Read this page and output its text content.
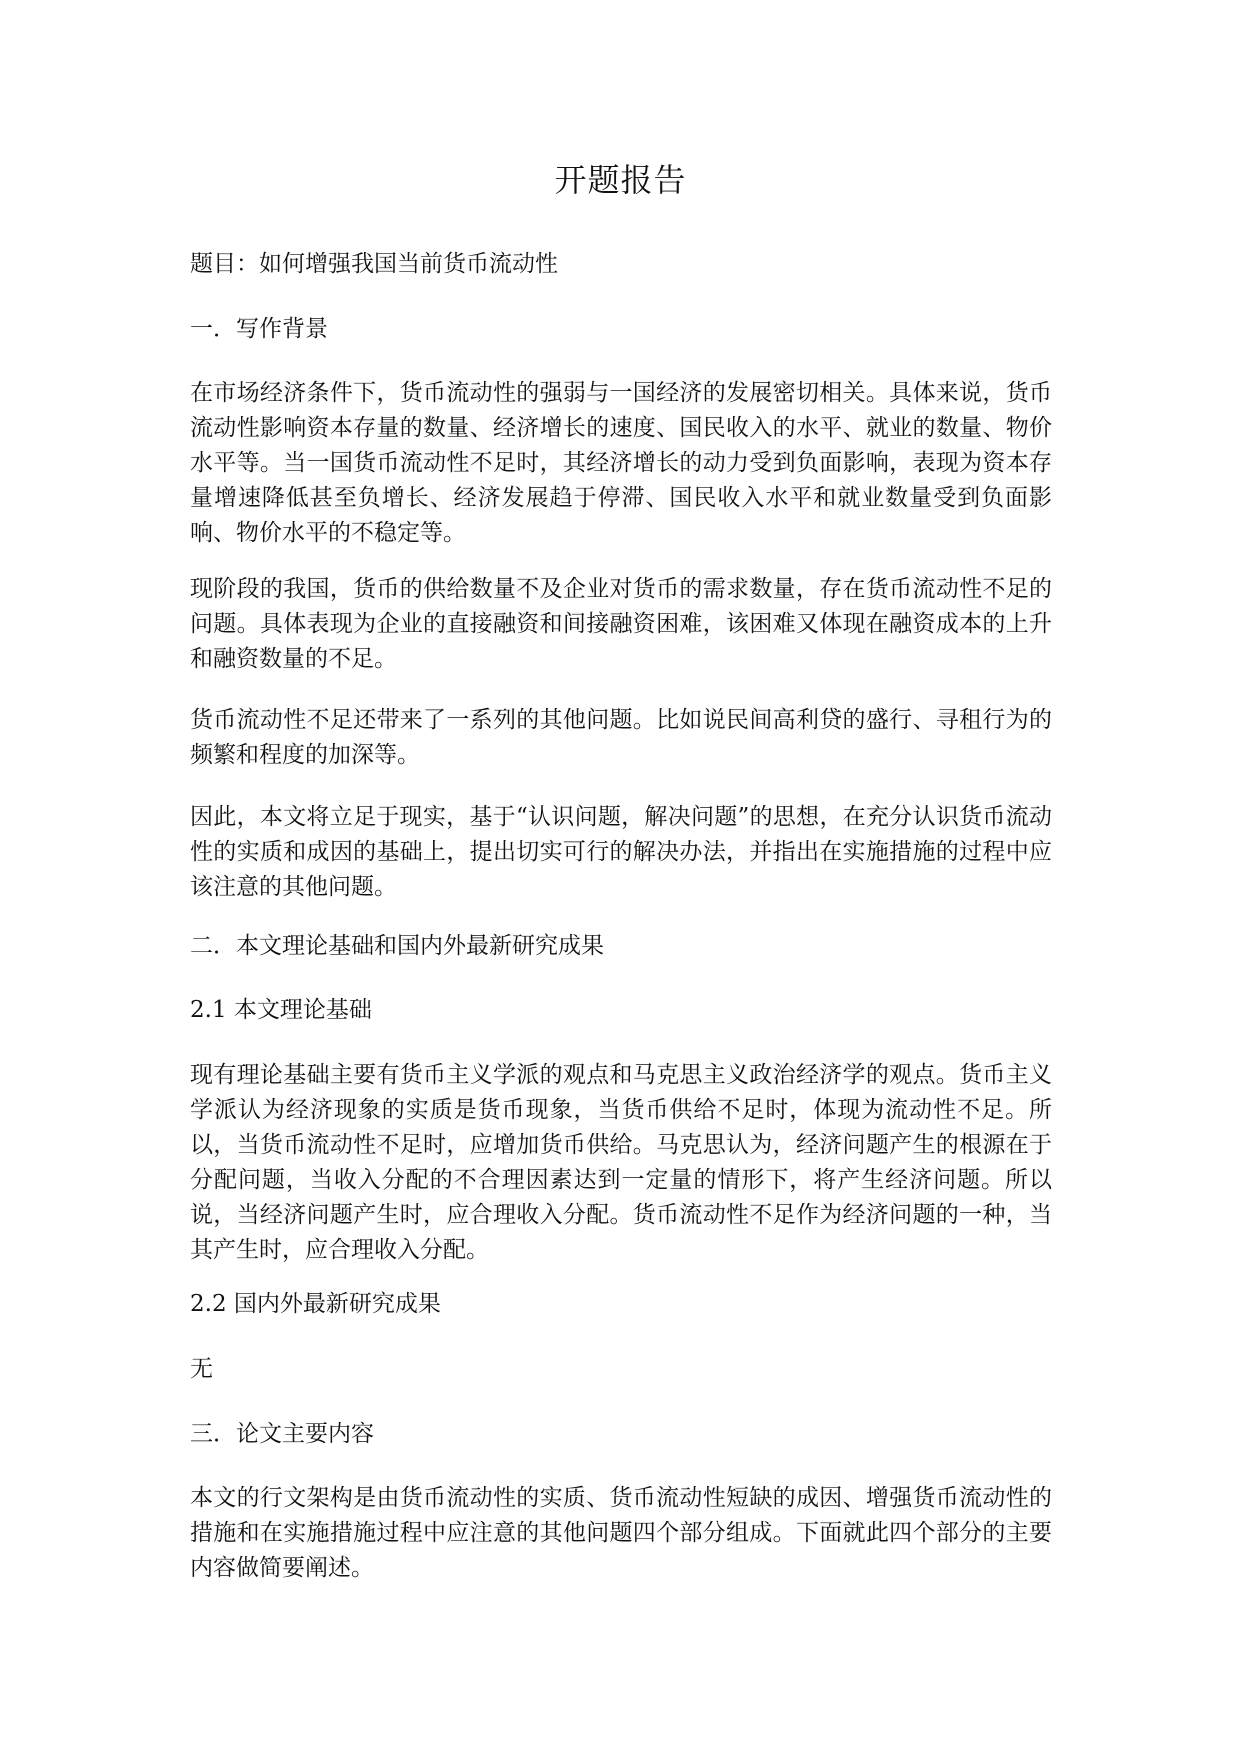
开题报告

题目：如何增强我国当前货币流动性

一．写作背景

在市场经济条件下，货币流动性的强弱与一国经济的发展密切相关。具体来说，货币流动性影响资本存量的数量、经济增长的速度、国民收入的水平、就业的数量、物价水平等。当一国货币流动性不足时，其经济增长的动力受到负面影响，表现为资本存量增速降低甚至负增长、经济发展趋于停滞、国民收入水平和就业数量受到负面影响、物价水平的不稳定等。

现阶段的我国，货币的供给数量不及企业对货币的需求数量，存在货币流动性不足的问题。具体表现为企业的直接融资和间接融资困难，该困难又体现在融资成本的上升和融资数量的不足。

货币流动性不足还带来了一系列的其他问题。比如说民间高利贷的盛行、寻租行为的频繁和程度的加深等。

因此，本文将立足于现实，基于“认识问题，解决问题”的思想，在充分认识货币流动性的实质和成因的基础上，提出切实可行的解决办法，并指出在实施措施的过程中应该注意的其他问题。

二．本文理论基础和国内外最新研究成果

2.1 本文理论基础

现有理论基础主要有货币主义学派的观点和马克思主义政治经济学的观点。货币主义学派认为经济现象的实质是货币现象，当货币供给不足时，体现为流动性不足。所以，当货币流动性不足时，应增加货币供给。马克思认为，经济问题产生的根源在于分配问题，当收入分配的不合理因素达到一定量的情形下，将产生经济问题。所以说，当经济问题产生时，应合理收入分配。货币流动性不足作为经济问题的一种，当其产生时，应合理收入分配。

2.2 国内外最新研究成果

无

三．论文主要内容

本文的行文架构是由货币流动性的实质、货币流动性短缺的成因、增强货币流动性的措施和在实施措施过程中应注意的其他问题四个部分组成。下面就此四个部分的主要内容做简要阐述。
